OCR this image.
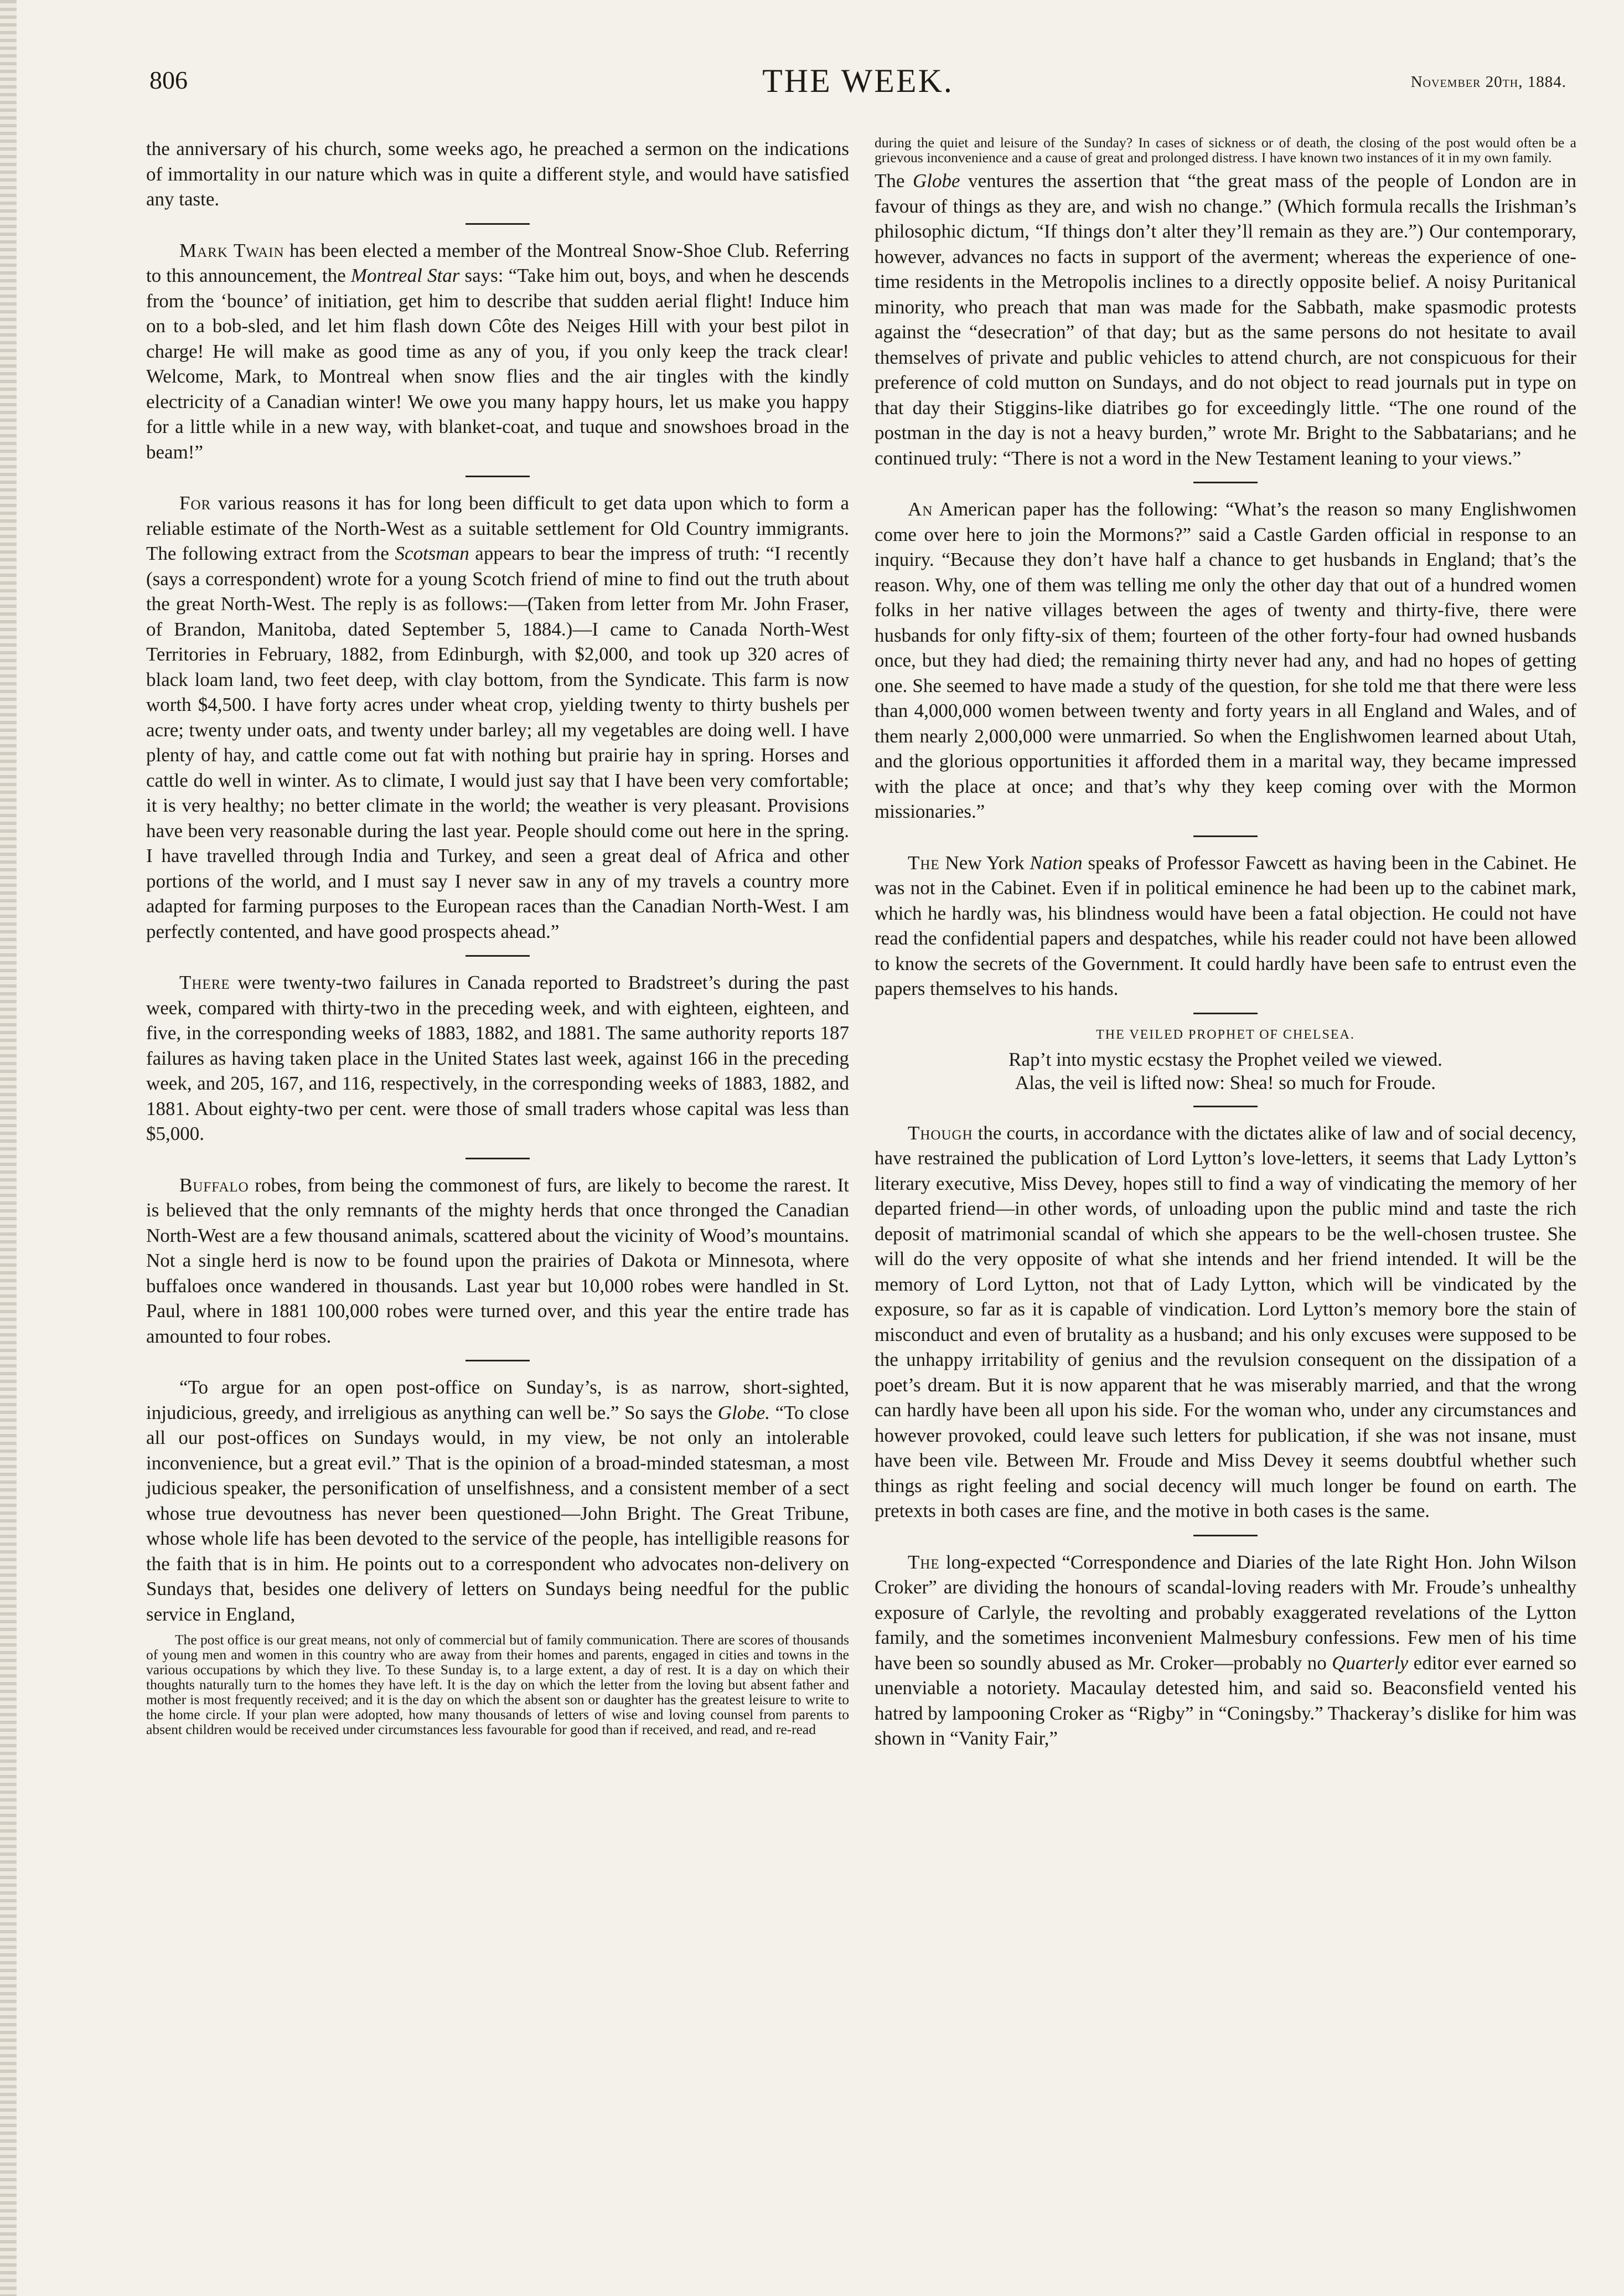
806	THE WEEK.	November 20th, 1884.

the anniversary of his church, some weeks ago, he preached a sermon on the indications of immortality in our nature which was in quite a different style, and would have satisfied any taste.

Mark Twain has been elected a member of the Montreal Snow-Shoe Club. Referring to this announcement, the Montreal Star says: “Take him out, boys, and when he descends from the ‘bounce’ of initiation, get him to describe that sudden aerial flight! Induce him on to a bob-sled, and let him flash down Côte des Neiges Hill with your best pilot in charge! He will make as good time as any of you, if you only keep the track clear! Welcome, Mark, to Montreal when snow flies and the air tingles with the kindly electricity of a Canadian winter! We owe you many happy hours, let us make you happy for a little while in a new way, with blanket-coat, and tuque and snowshoes broad in the beam!”

For various reasons it has for long been difficult to get data upon which to form a reliable estimate of the North-West as a suitable settlement for Old Country immigrants. The following extract from the Scotsman appears to bear the impress of truth: “I recently (says a correspondent) wrote for a young Scotch friend of mine to find out the truth about the great North-West. The reply is as follows:—(Taken from letter from Mr. John Fraser, of Brandon, Manitoba, dated September 5, 1884.)—I came to Canada North-West Territories in February, 1882, from Edinburgh, with $2,000, and took up 320 acres of black loam land, two feet deep, with clay bottom, from the Syndicate. This farm is now worth $4,500. I have forty acres under wheat crop, yielding twenty to thirty bushels per acre; twenty under oats, and twenty under barley; all my vegetables are doing well. I have plenty of hay, and cattle come out fat with nothing but prairie hay in spring. Horses and cattle do well in winter. As to climate, I would just say that I have been very comfortable; it is very healthy; no better climate in the world; the weather is very pleasant. Provisions have been very reasonable during the last year. People should come out here in the spring. I have travelled through India and Turkey, and seen a great deal of Africa and other portions of the world, and I must say I never saw in any of my travels a country more adapted for farming purposes to the European races than the Canadian North-West. I am perfectly contented, and have good prospects ahead.”

There were twenty-two failures in Canada reported to Bradstreet’s during the past week, compared with thirty-two in the preceding week, and with eighteen, eighteen, and five, in the corresponding weeks of 1883, 1882, and 1881. The same authority reports 187 failures as having taken place in the United States last week, against 166 in the preceding week, and 205, 167, and 116, respectively, in the corresponding weeks of 1883, 1882, and 1881. About eighty-two per cent. were those of small traders whose capital was less than $5,000.

Buffalo robes, from being the commonest of furs, are likely to become the rarest. It is believed that the only remnants of the mighty herds that once thronged the Canadian North-West are a few thousand animals, scattered about the vicinity of Wood’s mountains. Not a single herd is now to be found upon the prairies of Dakota or Minnesota, where buffaloes once wandered in thousands. Last year but 10,000 robes were handled in St. Paul, where in 1881 100,000 robes were turned over, and this year the entire trade has amounted to four robes.

“To argue for an open post-office on Sunday’s, is as narrow, short-sighted, injudicious, greedy, and irreligious as anything can well be.” So says the Globe. “To close all our post-offices on Sundays would, in my view, be not only an intolerable inconvenience, but a great evil.” That is the opinion of a broad-minded statesman, a most judicious speaker, the personification of unselfishness, and a consistent member of a sect whose true devoutness has never been questioned—John Bright. The Great Tribune, whose whole life has been devoted to the service of the people, has intelligible reasons for the faith that is in him. He points out to a correspondent who advocates non-delivery on Sundays that, besides one delivery of letters on Sundays being needful for the public service in England,

The post office is our great means, not only of commercial but of family communication. There are scores of thousands of young men and women in this country who are away from their homes and parents, engaged in cities and towns in the various occupations by which they live. To these Sunday is, to a large extent, a day of rest. It is a day on which their thoughts naturally turn to the homes they have left. It is the day on which the letter from the loving but absent father and mother is most frequently received; and it is the day on which the absent son or daughter has the greatest leisure to write to the home circle. If your plan were adopted, how many thousands of letters of wise and loving counsel from parents to absent children would be received under circumstances less favourable for good than if received, and read, and re-read

during the quiet and leisure of the Sunday? In cases of sickness or of death, the closing of the post would often be a grievous inconvenience and a cause of great and prolonged distress. I have known two instances of it in my own family.

The Globe ventures the assertion that “the great mass of the people of London are in favour of things as they are, and wish no change.” (Which formula recalls the Irishman’s philosophic dictum, “If things don’t alter they’ll remain as they are.”) Our contemporary, however, advances no facts in support of the averment; whereas the experience of one-time residents in the Metropolis inclines to a directly opposite belief. A noisy Puritanical minority, who preach that man was made for the Sabbath, make spasmodic protests against the “desecration” of that day; but as the same persons do not hesitate to avail themselves of private and public vehicles to attend church, are not conspicuous for their preference of cold mutton on Sundays, and do not object to read journals put in type on that day their Stiggins-like diatribes go for exceedingly little. “The one round of the postman in the day is not a heavy burden,” wrote Mr. Bright to the Sabbatarians; and he continued truly: “There is not a word in the New Testament leaning to your views.”

An American paper has the following: “What’s the reason so many Englishwomen come over here to join the Mormons?” said a Castle Garden official in response to an inquiry. “Because they don’t have half a chance to get husbands in England; that’s the reason. Why, one of them was telling me only the other day that out of a hundred women folks in her native villages between the ages of twenty and thirty-five, there were husbands for only fifty-six of them; fourteen of the other forty-four had owned husbands once, but they had died; the remaining thirty never had any, and had no hopes of getting one. She seemed to have made a study of the question, for she told me that there were less than 4,000,000 women between twenty and forty years in all England and Wales, and of them nearly 2,000,000 were unmarried. So when the Englishwomen learned about Utah, and the glorious opportunities it afforded them in a marital way, they became impressed with the place at once; and that’s why they keep coming over with the Mormon missionaries.”

The New York Nation speaks of Professor Fawcett as having been in the Cabinet. He was not in the Cabinet. Even if in political eminence he had been up to the cabinet mark, which he hardly was, his blindness would have been a fatal objection. He could not have read the confidential papers and despatches, while his reader could not have been allowed to know the secrets of the Government. It could hardly have been safe to entrust even the papers themselves to his hands.

THE VEILED PROPHET OF CHELSEA.
Rap’t into mystic ecstasy the Prophet veiled we viewed.
Alas, the veil is lifted now: Shea! so much for Froude.

Though the courts, in accordance with the dictates alike of law and of social decency, have restrained the publication of Lord Lytton’s love-letters, it seems that Lady Lytton’s literary executive, Miss Devey, hopes still to find a way of vindicating the memory of her departed friend—in other words, of unloading upon the public mind and taste the rich deposit of matrimonial scandal of which she appears to be the well-chosen trustee. She will do the very opposite of what she intends and her friend intended. It will be the memory of Lord Lytton, not that of Lady Lytton, which will be vindicated by the exposure, so far as it is capable of vindication. Lord Lytton’s memory bore the stain of misconduct and even of brutality as a husband; and his only excuses were supposed to be the unhappy irritability of genius and the revulsion consequent on the dissipation of a poet’s dream. But it is now apparent that he was miserably married, and that the wrong can hardly have been all upon his side. For the woman who, under any circumstances and however provoked, could leave such letters for publication, if she was not insane, must have been vile. Between Mr. Froude and Miss Devey it seems doubtful whether such things as right feeling and social decency will much longer be found on earth. The pretexts in both cases are fine, and the motive in both cases is the same.

The long-expected “Correspondence and Diaries of the late Right Hon. John Wilson Croker” are dividing the honours of scandal-loving readers with Mr. Froude’s unhealthy exposure of Carlyle, the revolting and probably exaggerated revelations of the Lytton family, and the sometimes inconvenient Malmesbury confessions. Few men of his time have been so soundly abused as Mr. Croker—probably no Quarterly editor ever earned so unenviable a notoriety. Macaulay detested him, and said so. Beaconsfield vented his hatred by lampooning Croker as “Rigby” in “Coningsby.” Thackeray’s dislike for him was shown in “Vanity Fair,”
